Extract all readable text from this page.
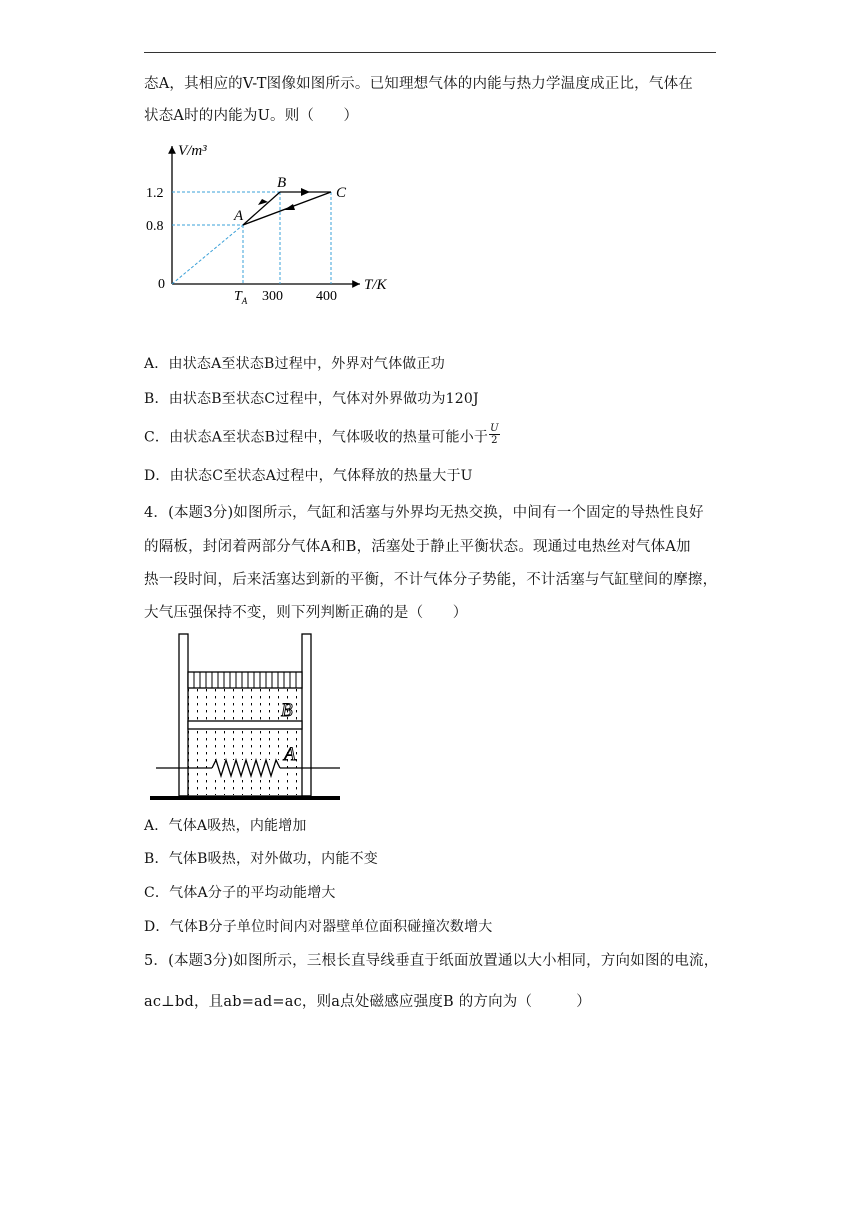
态A，其相应的V-T图像如图所示。已知理想气体的内能与热力学温度成正比，气体在
状态A时的内能为U。则（　　）
V/m³
T/K
0
1.2
0.8
$T_A$ 300 400
A
B
C
A．由状态A至状态B过程中，外界对气体做正功
B．由状态B至状态C过程中，气体对外界做功为120J
C．由状态A至状态B过程中，气体吸收的热量可能小于 $\frac{U}{2}$
D．由状态C至状态A过程中，气体释放的热量大于U
4．(本题3分)如图所示，气缸和活塞与外界均无热交换，中间有一个固定的导热性良好
的隔板，封闭着两部分气体A和B，活塞处于静止平衡状态。现通过电热丝对气体A加
热一段时间，后来活塞达到新的平衡，不计气体分子势能，不计活塞与气缸壁间的摩擦，
大气压强保持不变，则下列判断正确的是（　　）
B
A
A．气体A吸热，内能增加
B．气体B吸热，对外做功，内能不变
C．气体A分子的平均动能增大
D．气体B分子单位时间内对器壁单位面积碰撞次数增大
5．(本题3分)如图所示，三根长直导线垂直于纸面放置通以大小相同，方向如图的电流，
ac⊥bd，且ab=ad=ac，则a点处磁感应强度B 的方向为（　　　）
